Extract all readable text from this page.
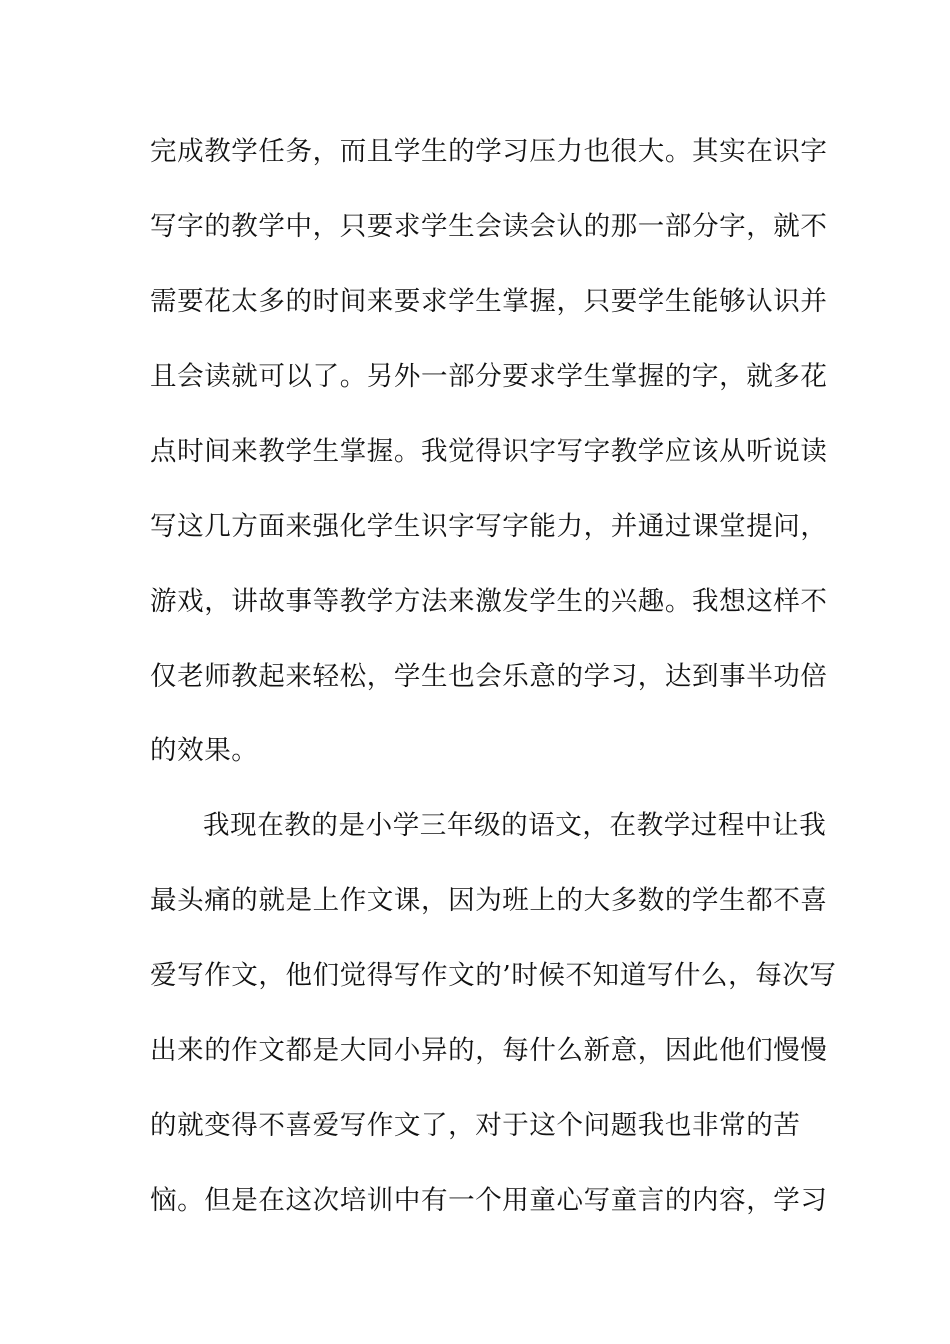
完成教学任务，而且学生的学习压力也很大。其实在识字
写字的教学中，只要求学生会读会认的那一部分字，就不
需要花太多的时间来要求学生掌握，只要学生能够认识并
且会读就可以了。另外一部分要求学生掌握的字，就多花
点时间来教学生掌握。我觉得识字写字教学应该从听说读
写这几方面来强化学生识字写字能力，并通过课堂提问，
游戏，讲故事等教学方法来激发学生的兴趣。我想这样不
仅老师教起来轻松，学生也会乐意的学习，达到事半功倍
的效果。
我现在教的是小学三年级的语文，在教学过程中让我
最头痛的就是上作文课，因为班上的大多数的学生都不喜
爱写作文，他们觉得写作文的’时候不知道写什么，每次写
出来的作文都是大同小异的，每什么新意，因此他们慢慢
的就变得不喜爱写作文了，对于这个问题我也非常的苦
恼。但是在这次培训中有一个用童心写童言的内容，学习
